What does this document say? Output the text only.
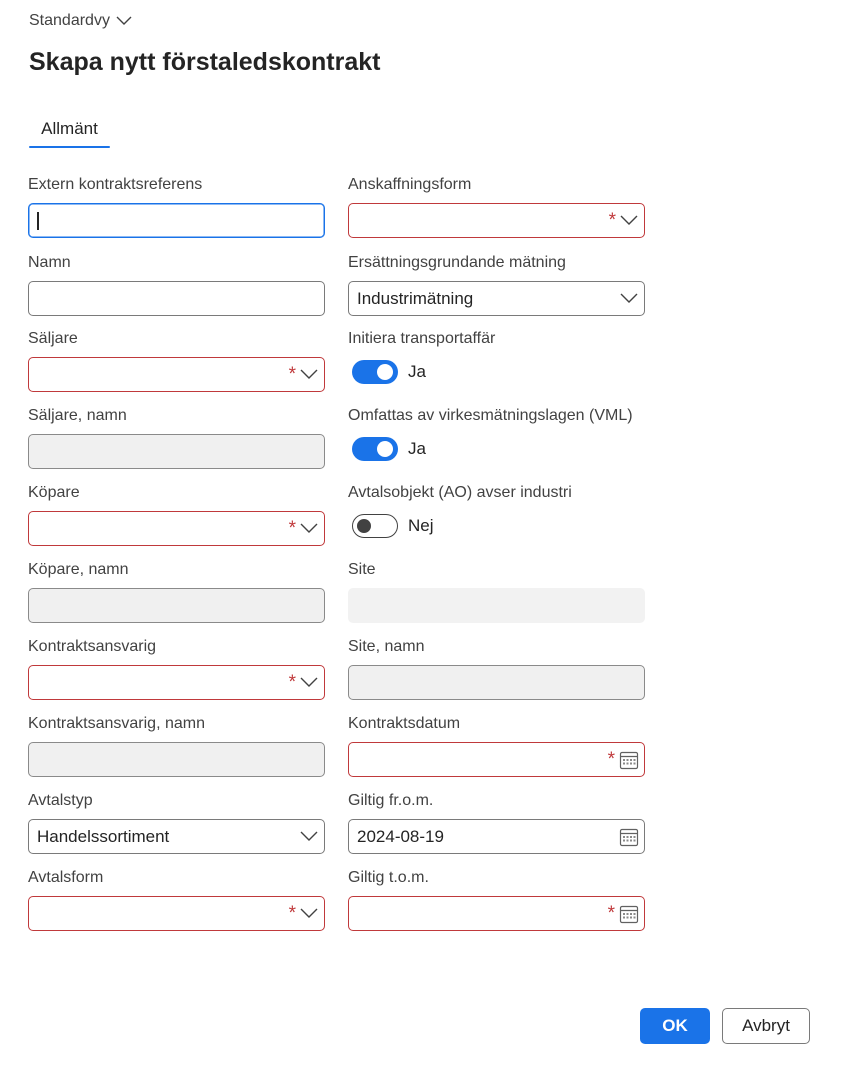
Standardvy
Skapa nytt förstaledskontrakt
Allmänt
Extern kontraktsreferens
Namn
Säljare
*
Säljare, namn
Köpare
*
Köpare, namn
Kontraktsansvarig
*
Kontraktsansvarig, namn
Avtalstyp
Handelssortiment
Avtalsform
*
Anskaffningsform
*
Ersättningsgrundande mätning
Industrimätning
Initiera transportaffär
Ja
Omfattas av virkesmätningslagen (VML)
Ja
Avtalsobjekt (AO) avser industri
Nej
Site
Site, namn
Kontraktsdatum
*
Giltig fr.o.m.
2024-08-19
Giltig t.o.m.
*
OK	Avbryt
